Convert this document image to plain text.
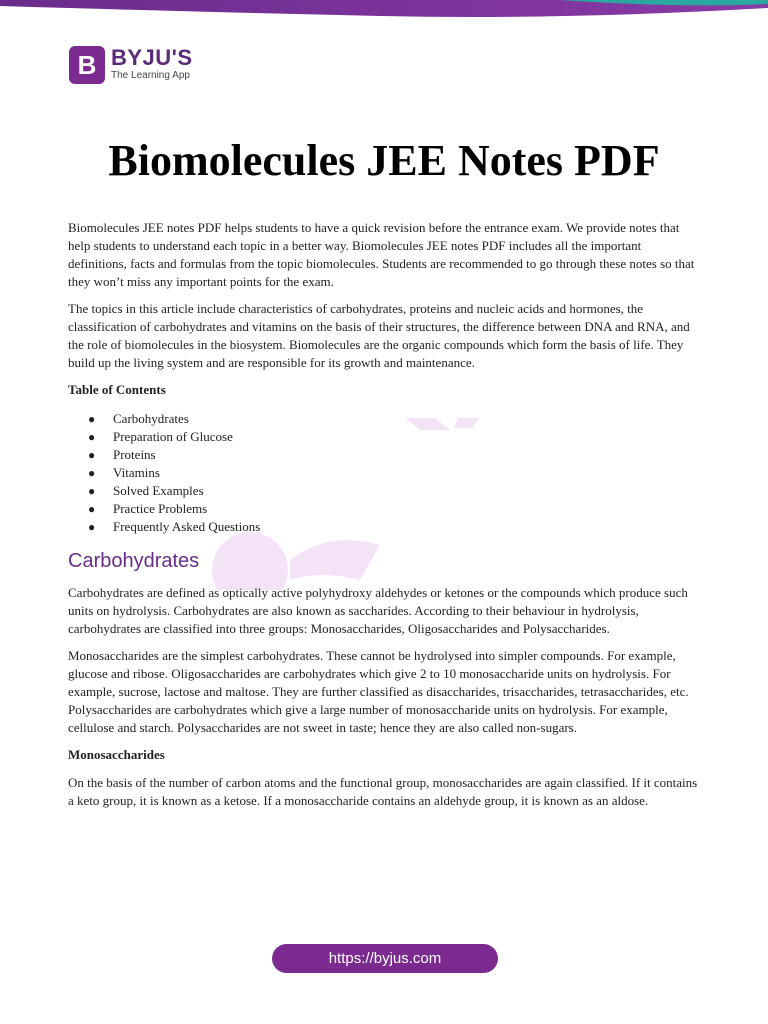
B BYJU'S
The Learning App
Biomolecules JEE Notes PDF

Biomolecules JEE notes PDF helps students to have a quick revision before the entrance exam. We provide notes that help students to understand each topic in a better way. Biomolecules JEE notes PDF includes all the important definitions, facts and formulas from the topic biomolecules. Students are recommended to go through these notes so that they won’t miss any important points for the exam.

The topics in this article include characteristics of carbohydrates, proteins and nucleic acids and hormones, the classification of carbohydrates and vitamins on the basis of their structures, the difference between DNA and RNA, and the role of biomolecules in the biosystem. Biomolecules are the organic compounds which form the basis of life. They build up the living system and are responsible for its growth and maintenance.

Table of Contents

● Carbohydrates
● Preparation of Glucose
● Proteins
● Vitamins
● Solved Examples
● Practice Problems
● Frequently Asked Questions
Carbohydrates

Carbohydrates are defined as optically active polyhydroxy aldehydes or ketones or the compounds which produce such units on hydrolysis. Carbohydrates are also known as saccharides. According to their behaviour in hydrolysis, carbohydrates are classified into three groups: Monosaccharides, Oligosaccharides and Polysaccharides.

Monosaccharides are the simplest carbohydrates. These cannot be hydrolysed into simpler compounds. For example, glucose and ribose. Oligosaccharides are carbohydrates which give 2 to 10 monosaccharide units on hydrolysis. For example, sucrose, lactose and maltose. They are further classified as disaccharides, trisaccharides, tetrasaccharides, etc. Polysaccharides are carbohydrates which give a large number of monosaccharide units on hydrolysis. For example, cellulose and starch. Polysaccharides are not sweet in taste; hence they are also called non-sugars.

Monosaccharides

On the basis of the number of carbon atoms and the functional group, monosaccharides are again classified. If it contains a keto group, it is known as a ketose. If a monosaccharide contains an aldehyde group, it is known as an aldose.

https://byjus.com
